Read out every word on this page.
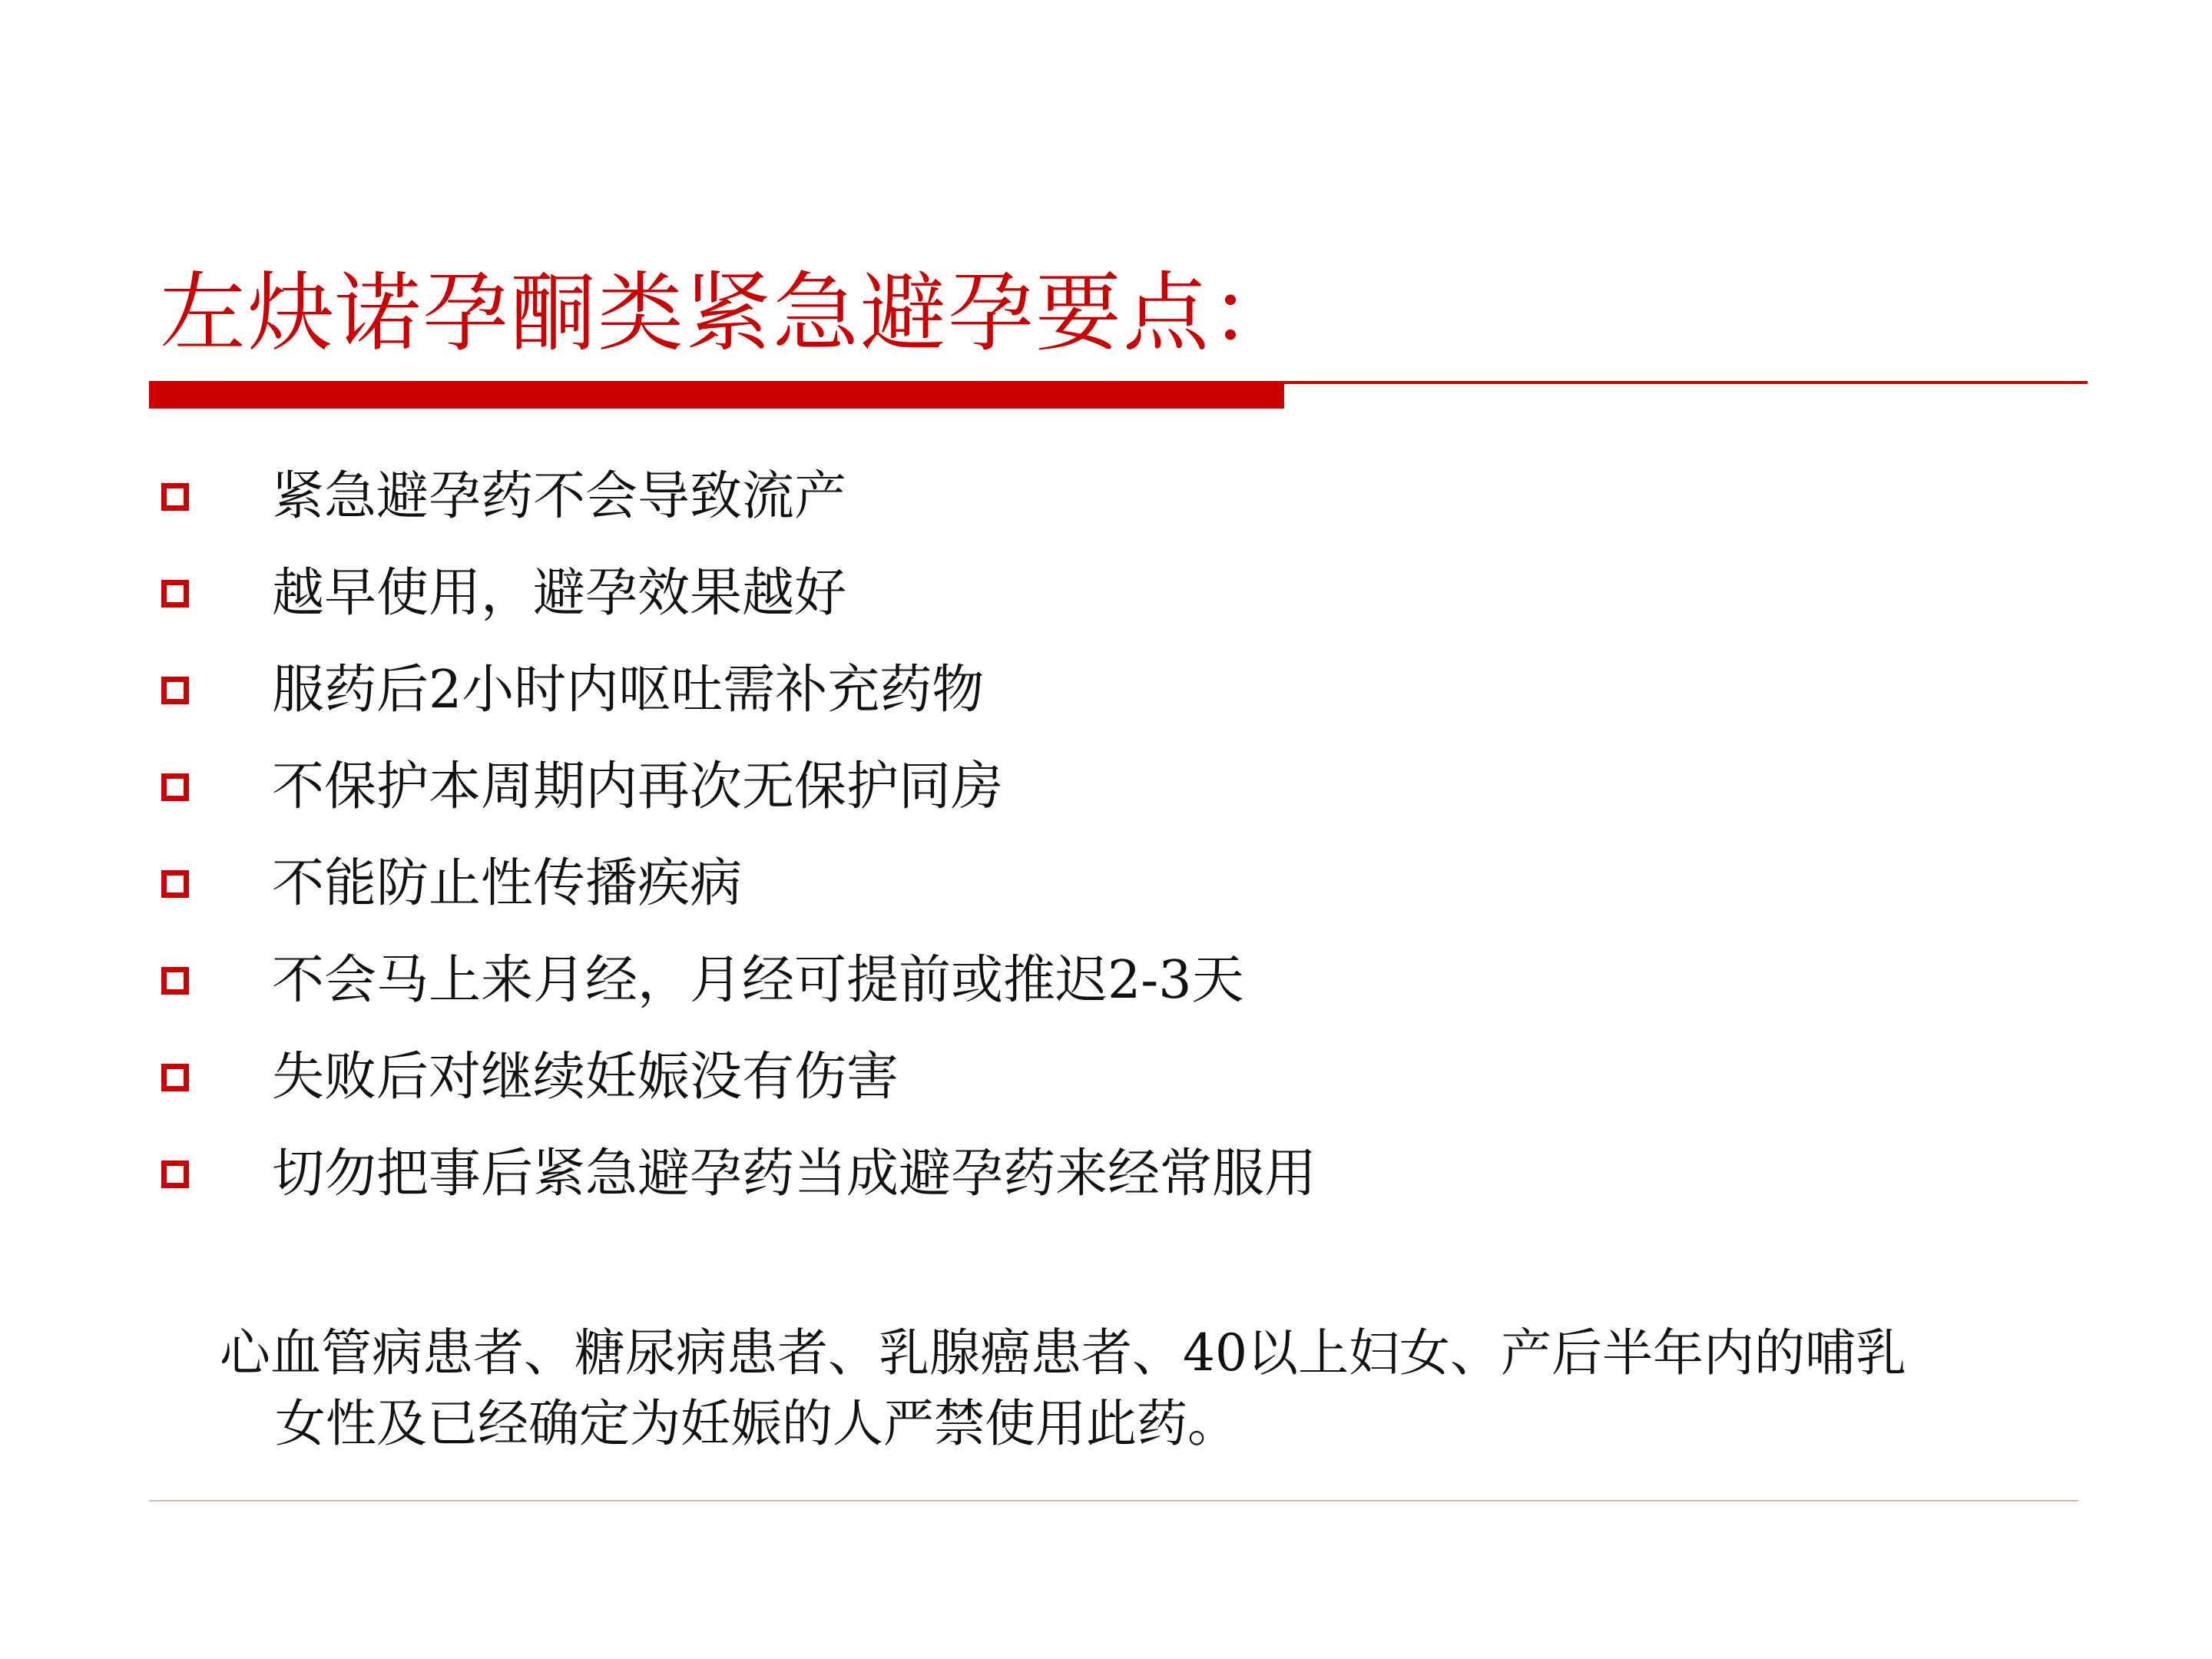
左炔诺孕酮类紧急避孕要点：
紧急避孕药不会导致流产
越早使用，避孕效果越好
服药后2小时内呕吐需补充药物
不保护本周期内再次无保护同房
不能防止性传播疾病
不会马上来月经，月经可提前或推迟2-3天
失败后对继续妊娠没有伤害
切勿把事后紧急避孕药当成避孕药来经常服用
心血管病患者、糖尿病患者、乳腺癌患者、40以上妇女、产后半年内的哺乳
女性及已经确定为妊娠的人严禁使用此药。
